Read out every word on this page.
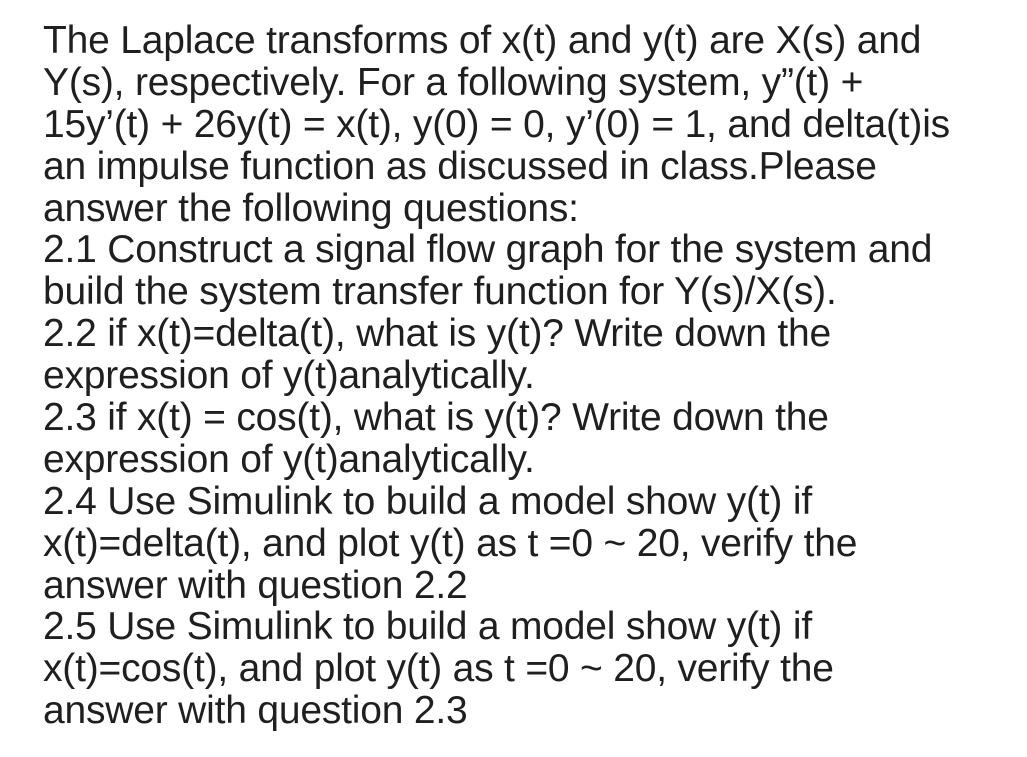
The Laplace transforms of x(t) and y(t) are X(s) and
Y(s), respectively. For a following system, y”(t) +
15y’(t) + 26y(t) = x(t), y(0) = 0, y’(0) = 1, and delta(t)is
an impulse function as discussed in class.Please
answer the following questions:
2.1 Construct a signal flow graph for the system and
build the system transfer function for Y(s)/X(s).
2.2 if x(t)=delta(t), what is y(t)? Write down the
expression of y(t)analytically.
2.3 if x(t) = cos(t), what is y(t)? Write down the
expression of y(t)analytically.
2.4 Use Simulink to build a model show y(t) if
x(t)=delta(t), and plot y(t) as t =0 ~ 20, verify the
answer with question 2.2
2.5 Use Simulink to build a model show y(t) if
x(t)=cos(t), and plot y(t) as t =0 ~ 20, verify the
answer with question 2.3
